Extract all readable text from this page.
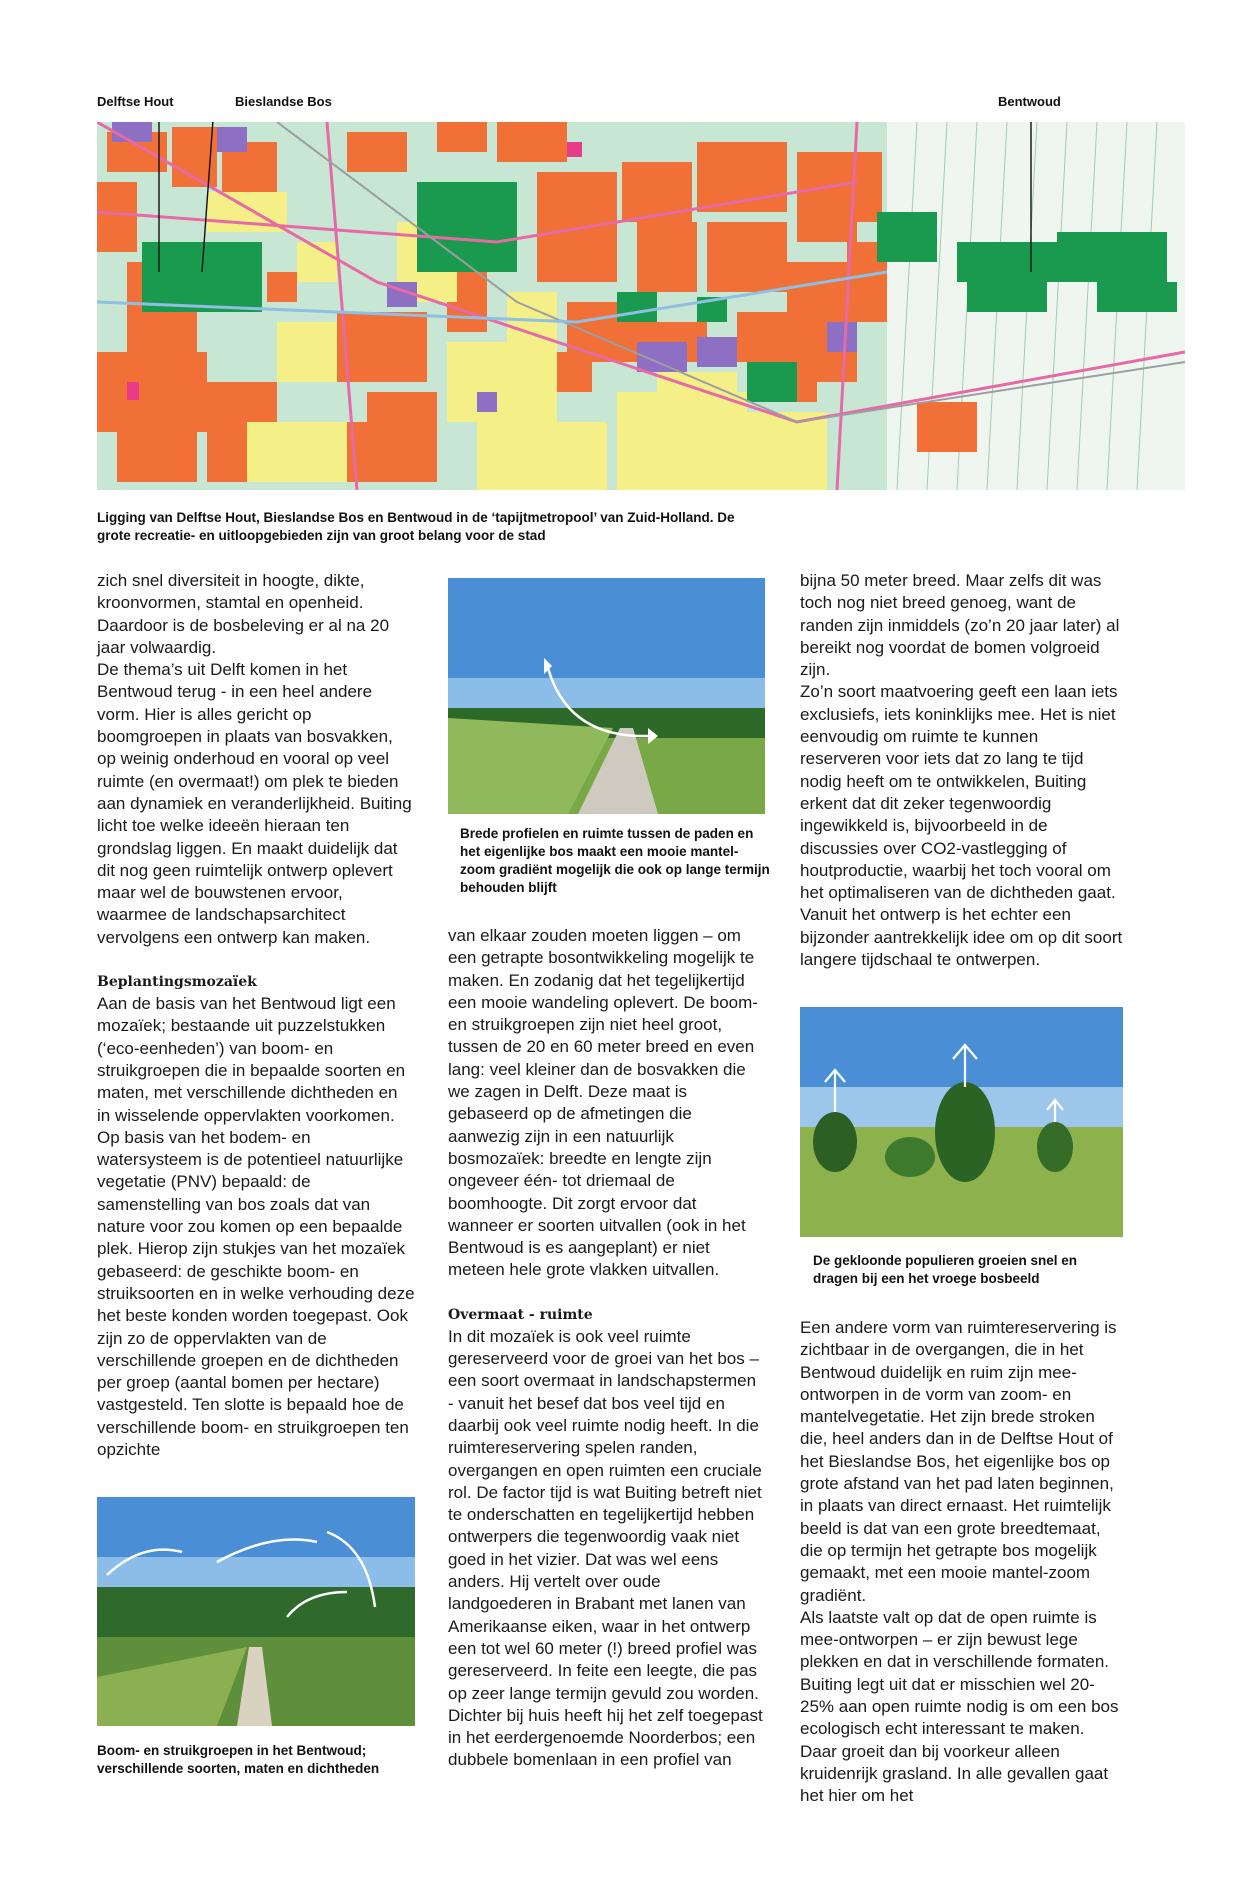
Delftse Hout	Bieslandse Bos	Bentwoud
Ligging van Delftse Hout, Bieslandse Bos en Bentwoud in de ‘tapijtmetropool’ van Zuid-Holland. De grote recreatie- en uitloopgebieden zijn van groot belang voor de stad

zich snel diversiteit in hoogte, dikte, kroonvormen, stamtal en openheid. Daardoor is de bosbeleving er al na 20 jaar volwaardig.

De thema’s uit Delft komen in het Bentwoud terug - in een heel andere vorm. Hier is alles gericht op boomgroepen in plaats van bosvakken, op weinig onderhoud en vooral op veel ruimte (en overmaat!) om plek te bieden aan dynamiek en veranderlijkheid. Buiting licht toe welke ideeën hieraan ten grondslag liggen. En maakt duidelijk dat dit nog geen ruimtelijk ontwerp oplevert maar wel de bouwstenen ervoor, waarmee de landschapsarchitect vervolgens een ontwerp kan maken.

Beplantingsmozaïek

Aan de basis van het Bentwoud ligt een mozaïek; bestaande uit puzzelstukken (‘eco-eenheden’) van boom- en struikgroepen die in bepaalde soorten en maten, met verschillende dichtheden en in wisselende oppervlakten voorkomen. Op basis van het bodem- en watersysteem is de potentieel natuurlijke vegetatie (PNV) bepaald: de samenstelling van bos zoals dat van nature voor zou komen op een bepaalde plek. Hierop zijn stukjes van het mozaïek gebaseerd: de geschikte boom- en struiksoorten en in welke verhouding deze het beste konden worden toegepast. Ook zijn zo de oppervlakten van de verschillende groepen en de dichtheden per groep (aantal bomen per hectare) vastgesteld. Ten slotte is bepaald hoe de verschillende boom- en struikgroepen ten opzichte

Boom- en struikgroepen in het Bentwoud; verschillende soorten, maten en dichtheden
Brede profielen en ruimte tussen de paden en het eigenlijke bos maakt een mooie mantel-zoom gradiënt mogelijk die ook op lange termijn behouden blijft

van elkaar zouden moeten liggen – om een getrapte bosontwikkeling mogelijk te maken. En zodanig dat het tegelijkertijd een mooie wandeling oplevert. De boom- en struikgroepen zijn niet heel groot, tussen de 20 en 60 meter breed en even lang: veel kleiner dan de bosvakken die we zagen in Delft. Deze maat is gebaseerd op de afmetingen die aanwezig zijn in een natuurlijk bosmozaïek: breedte en lengte zijn ongeveer één- tot driemaal de boomhoogte. Dit zorgt ervoor dat wanneer er soorten uitvallen (ook in het Bentwoud is es aangeplant) er niet meteen hele grote vlakken uitvallen.

Overmaat - ruimte

In dit mozaïek is ook veel ruimte gereserveerd voor de groei van het bos – een soort overmaat in landschapstermen - vanuit het besef dat bos veel tijd en daarbij ook veel ruimte nodig heeft. In die ruimtereservering spelen randen, overgangen en open ruimten een cruciale rol. De factor tijd is wat Buiting betreft niet te onderschatten en tegelijkertijd hebben ontwerpers die tegenwoordig vaak niet goed in het vizier. Dat was wel eens anders. Hij vertelt over oude landgoederen in Brabant met lanen van Amerikaanse eiken, waar in het ontwerp een tot wel 60 meter (!) breed profiel was gereserveerd. In feite een leegte, die pas op zeer lange termijn gevuld zou worden. Dichter bij huis heeft hij het zelf toegepast in het eerdergenoemde Noorderbos; een dubbele bomenlaan in een profiel van

bijna 50 meter breed. Maar zelfs dit was toch nog niet breed genoeg, want de randen zijn inmiddels (zo’n 20 jaar later) al bereikt nog voordat de bomen volgroeid zijn.

Zo’n soort maatvoering geeft een laan iets exclusiefs, iets koninklijks mee. Het is niet eenvoudig om ruimte te kunnen reserveren voor iets dat zo lang te tijd nodig heeft om te ontwikkelen, Buiting erkent dat dit zeker tegenwoordig ingewikkeld is, bijvoorbeeld in de discussies over CO2-vastlegging of houtproductie, waarbij het toch vooral om het optimaliseren van de dichtheden gaat. Vanuit het ontwerp is het echter een bijzonder aantrekkelijk idee om op dit soort langere tijdschaal te ontwerpen.

De gekloonde populieren groeien snel en dragen bij een het vroege bosbeeld

Een andere vorm van ruimtereservering is zichtbaar in de overgangen, die in het Bentwoud duidelijk en ruim zijn mee-ontworpen in de vorm van zoom- en mantelvegetatie. Het zijn brede stroken die, heel anders dan in de Delftse Hout of het Bieslandse Bos, het eigenlijke bos op grote afstand van het pad laten beginnen, in plaats van direct ernaast. Het ruimtelijk beeld is dat van een grote breedtemaat, die op termijn het getrapte bos mogelijk gemaakt, met een mooie mantel-zoom gradiënt.

Als laatste valt op dat de open ruimte is mee-ontworpen – er zijn bewust lege plekken en dat in verschillende formaten. Buiting legt uit dat er misschien wel 20-25% aan open ruimte nodig is om een bos ecologisch echt interessant te maken. Daar groeit dan bij voorkeur alleen kruidenrijk grasland. In alle gevallen gaat het hier om het
